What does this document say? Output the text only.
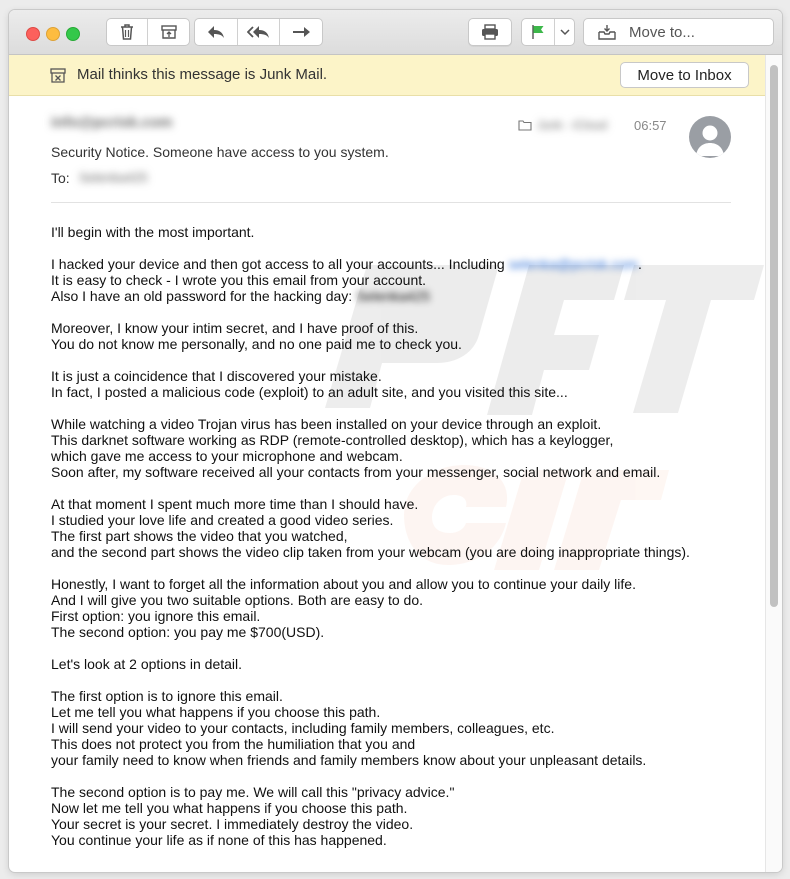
Move to...
Mail thinks this message is Junk Mail.	Move to Inbox
info@pcrisk.com
Security Notice. Someone have access to you system.
To: Selenka425
Junk - iCloud 06:57
I'll begin with the most important.
I hacked your device and then got access to all your accounts... Including selenka@pcrisk.com.
It is easy to check - I wrote you this email from your account.
Also I have an old password for the hacking day: Selenka425
Moreover, I know your intim secret, and I have proof of this.
You do not know me personally, and no one paid me to check you.
It is just a coincidence that I discovered your mistake.
In fact, I posted a malicious code (exploit) to an adult site, and you visited this site...
While watching a video Trojan virus has been installed on your device through an exploit.
This darknet software working as RDP (remote-controlled desktop), which has a keylogger,
which gave me access to your microphone and webcam.
Soon after, my software received all your contacts from your messenger, social network and email.
At that moment I spent much more time than I should have.
I studied your love life and created a good video series.
The first part shows the video that you watched,
and the second part shows the video clip taken from your webcam (you are doing inappropriate things).
Honestly, I want to forget all the information about you and allow you to continue your daily life.
And I will give you two suitable options. Both are easy to do.
First option: you ignore this email.
The second option: you pay me $700(USD).
Let's look at 2 options in detail.
The first option is to ignore this email.
Let me tell you what happens if you choose this path.
I will send your video to your contacts, including family members, colleagues, etc.
This does not protect you from the humiliation that you and
your family need to know when friends and family members know about your unpleasant details.
The second option is to pay me. We will call this "privacy advice."
Now let me tell you what happens if you choose this path.
Your secret is your secret. I immediately destroy the video.
You continue your life as if none of this has happened.
